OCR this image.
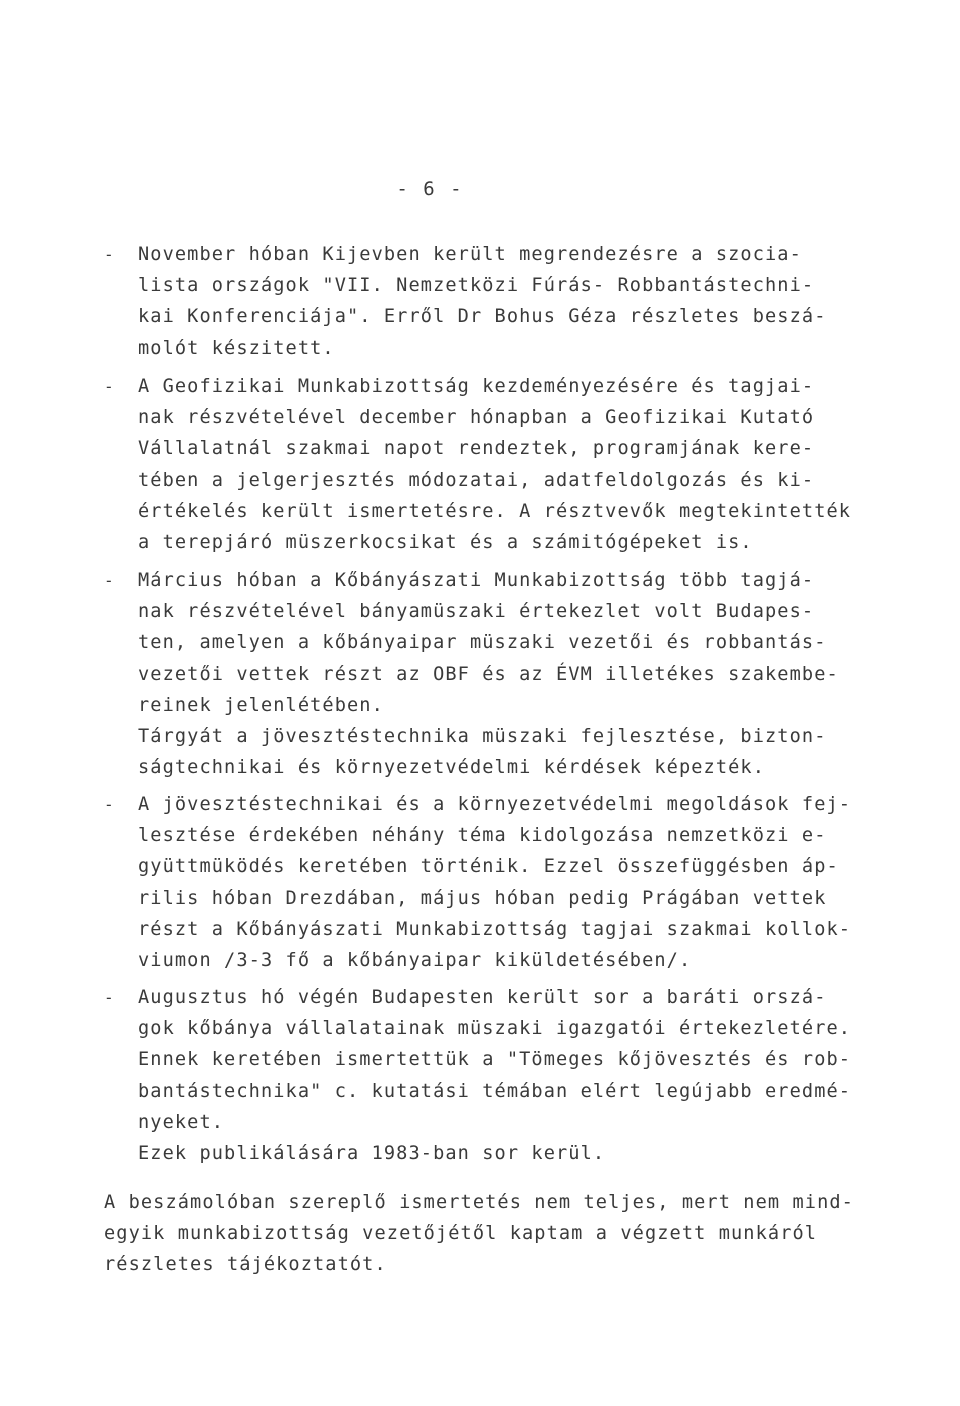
- 6 -
- November hóban Kijevben került megrendezésre a szocia-
lista országok "VII. Nemzetközi Fúrás- Robbantástechni-
kai Konferenciája". Erről Dr Bohus Géza részletes beszá-
molót készitett.
- A Geofizikai Munkabizottság kezdeményezésére és tagjai-
nak részvételével december hónapban a Geofizikai Kutató
Vállalatnál szakmai napot rendeztek, programjának kere-
tében a jelgerjesztés módozatai, adatfeldolgozás és ki-
értékelés került ismertetésre. A résztvevők megtekintették
a terepjáró müszerkocsikat és a számitógépeket is.
- Március hóban a Kőbányászati Munkabizottság több tagjá-
nak részvételével bányamüszaki értekezlet volt Budapes-
ten, amelyen a kőbányaipar müszaki vezetői és robbantás-
vezetői vettek részt az OBF és az ÉVM illetékes szakembe-
reinek jelenlétében.
Tárgyát a jövesztéstechnika müszaki fejlesztése, bizton-
ságtechnikai és környezetvédelmi kérdések képezték.
- A jövesztéstechnikai és a környezetvédelmi megoldások fej-
lesztése érdekében néhány téma kidolgozása nemzetközi e-
gyüttmüködés keretében történik. Ezzel összefüggésben áp-
rilis hóban Drezdában, május hóban pedig Prágában vettek
részt a Kőbányászati Munkabizottság tagjai szakmai kollok-
viumon /3-3 fő a kőbányaipar kiküldetésében/.
- Augusztus hó végén Budapesten került sor a baráti orszá-
gok kőbánya vállalatainak müszaki igazgatói értekezletére.
Ennek keretében ismertettük a "Tömeges kőjövesztés és rob-
bantástechnika" c. kutatási témában elért legújabb eredmé-
nyeket.
Ezek publikálására 1983-ban sor kerül.
A beszámolóban szereplő ismertetés nem teljes, mert nem mind-
egyik munkabizottság vezetőjétől kaptam a végzett munkáról
részletes tájékoztatót.
